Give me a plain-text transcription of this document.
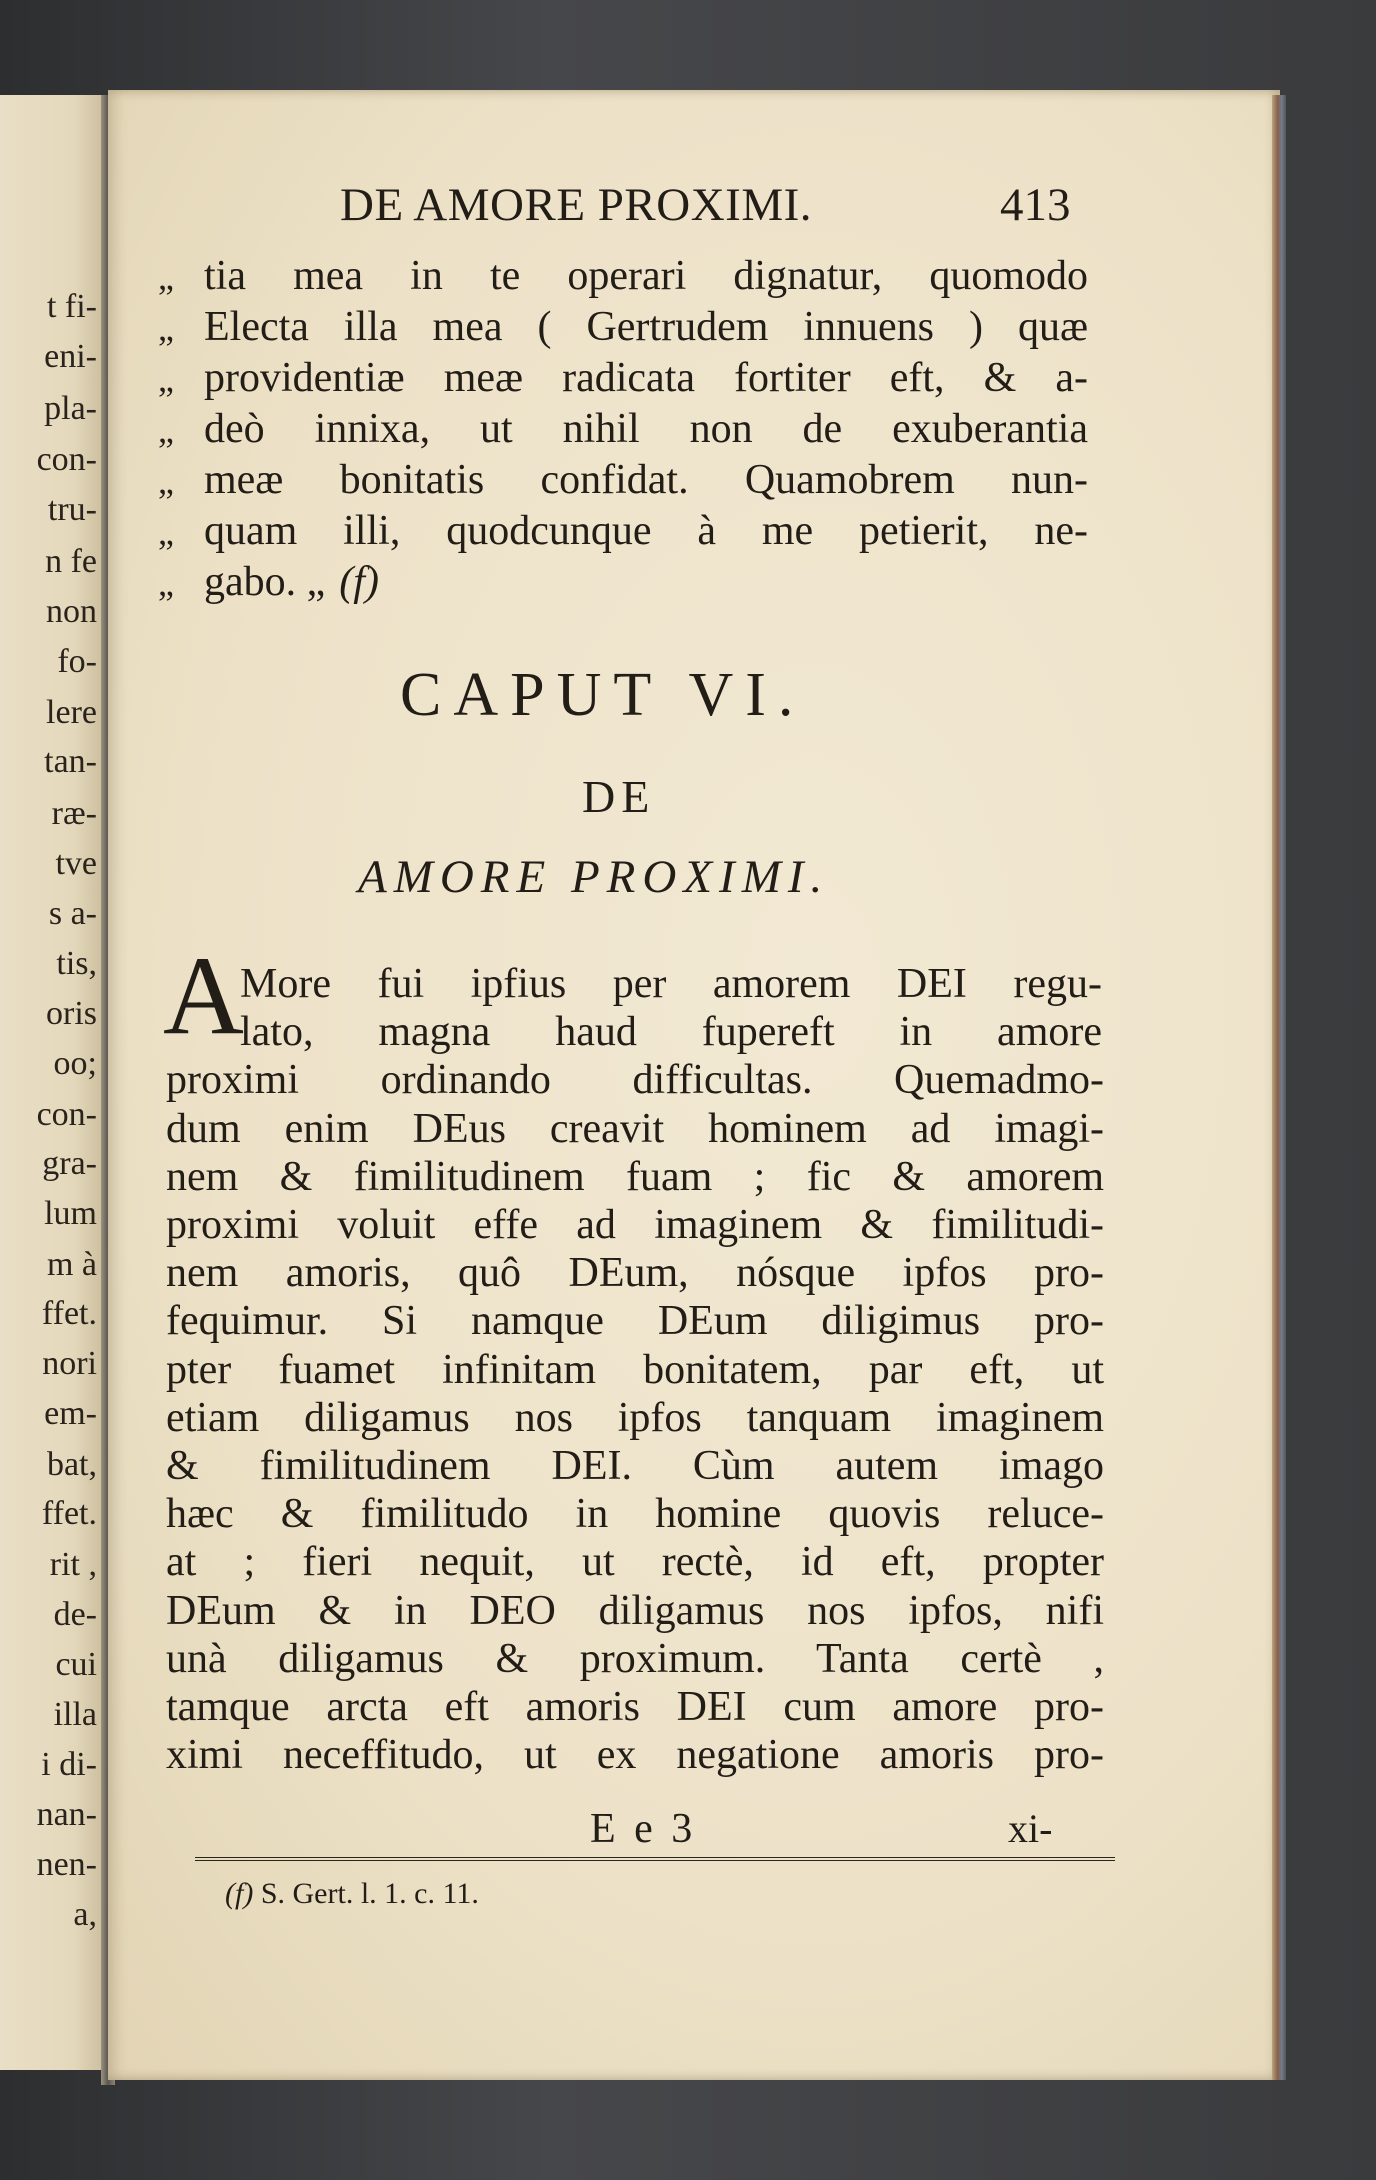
t fi-
eni-
pla-
con-
tru-
n fe
non
fo-
lere
tan-
ræ-
tve
s a-
tis,
oris
oo;
con-
gra-
lum
m à
ffet.
nori
em-
bat,
ffet.
rit ,
de-
cui
illa
i di-
nan-
nen-
a,
DE AMORE PROXIMI.	413
„ tia mea in te operari dignatur, quomodo
„ Electa illa mea ( Gertrudem innuens ) quæ
„ providentiæ meæ radicata fortiter eft, & a-
„ deò innixa, ut nihil non de exuberantia
„ meæ bonitatis confidat. Quamobrem nun-
„ quam illi, quodcunque à me petierit, ne-
„ gabo. „ (f)
CAPUT VI.
DE
AMORE PROXIMI.
A
More fui ipfius per amorem DEI regu-
lato, magna haud fupereft in amore
proximi ordinando difficultas. Quemadmo-
dum enim DEus creavit hominem ad imagi-
nem & fimilitudinem fuam ; fic & amorem
proximi voluit effe ad imaginem & fimilitudi-
nem amoris, quô DEum, nósque ipfos pro-
fequimur. Si namque DEum diligimus pro-
pter fuamet infinitam bonitatem, par eft, ut
etiam diligamus nos ipfos tanquam imaginem
& fimilitudinem DEI. Cùm autem imago
hæc & fimilitudo in homine quovis reluce-
at ; fieri nequit, ut rectè, id eft, propter
DEum & in DEO diligamus nos ipfos, nifi
unà diligamus & proximum. Tanta certè ,
tamque arcta eft amoris DEI cum amore pro-
ximi neceffitudo, ut ex negatione amoris pro-
E e 3	xi-
(f) S. Gert. l. 1. c. 11.
